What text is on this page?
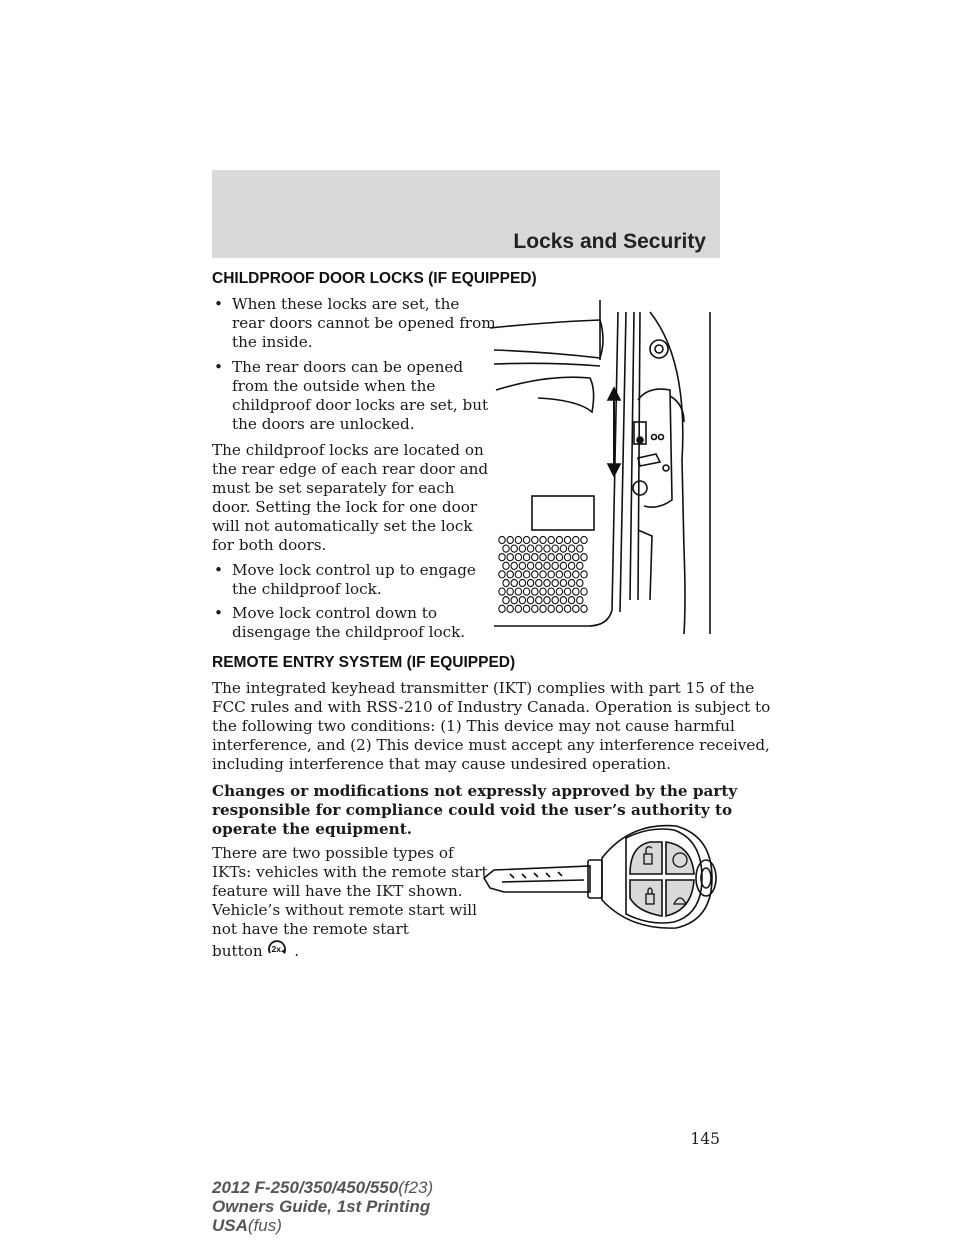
Locks and Security
CHILDPROOF DOOR LOCKS (IF EQUIPPED)
• When these locks are set, the
rear doors cannot be opened from
the inside.
• The rear doors can be opened
from the outside when the
childproof door locks are set, but
the doors are unlocked.
The childproof locks are located on
the rear edge of each rear door and
must be set separately for each
door. Setting the lock for one door
will not automatically set the lock
for both doors.
• Move lock control up to engage
the childproof lock.
• Move lock control down to
disengage the childproof lock.
REMOTE ENTRY SYSTEM (IF EQUIPPED)
The integrated keyhead transmitter (IKT) complies with part 15 of the
FCC rules and with RSS-210 of Industry Canada. Operation is subject to
the following two conditions: (1) This device may not cause harmful
interference, and (2) This device must accept any interference received,
including interference that may cause undesired operation.
Changes or modifications not expressly approved by the party
responsible for compliance could void the user’s authority to
operate the equipment.
There are two possible types of
IKTs: vehicles with the remote start
feature will have the IKT shown.
Vehicle’s without remote start will
not have the remote start
button 2x .
145
2012 F-250/350/450/550(f23)
Owners Guide, 1st Printing
USA(fus)
